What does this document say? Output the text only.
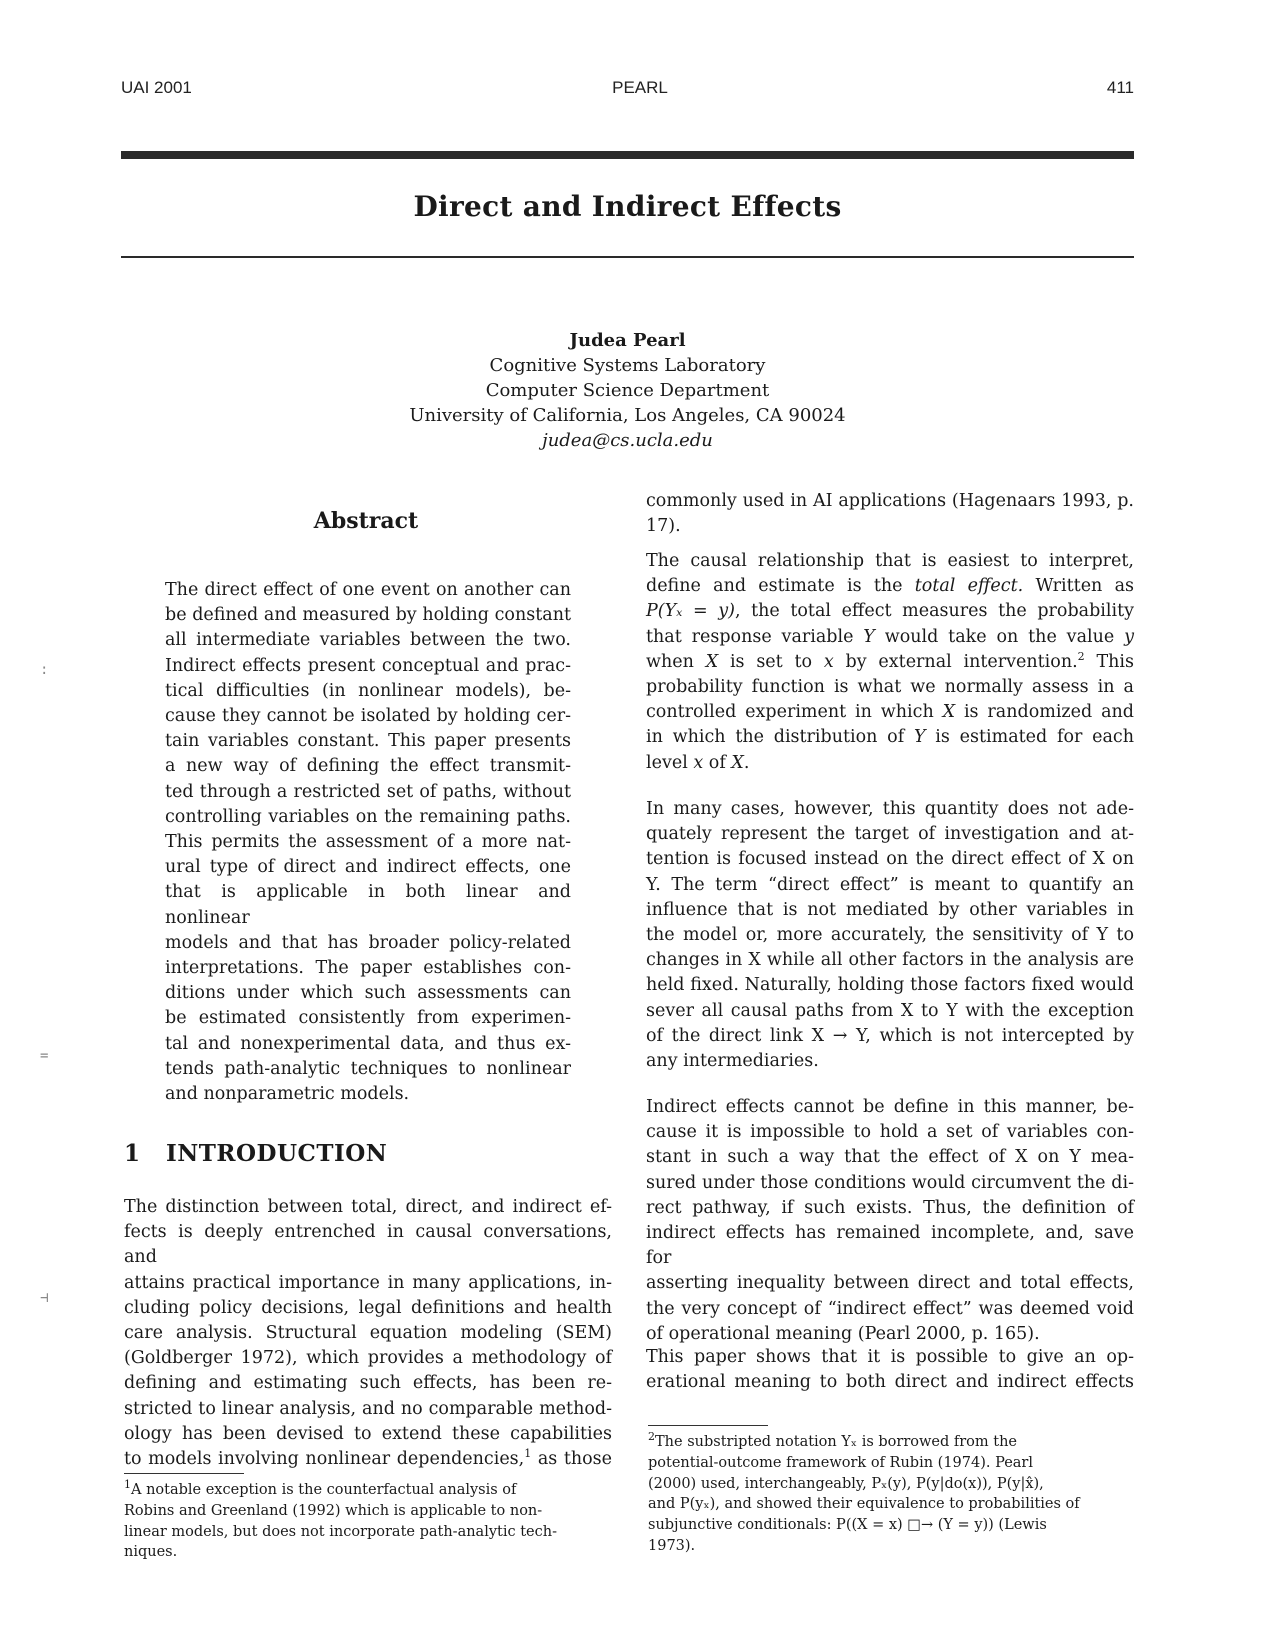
UAI 2001	PEARL	411
Direct and Indirect Effects
Judea Pearl
Cognitive Systems Laboratory
Computer Science Department
University of California, Los Angeles, CA 90024
judea@cs.ucla.edu
Abstract
The direct effect of one event on another can
be defined and measured by holding constant
all intermediate variables between the two.
Indirect effects present conceptual and prac-
tical difficulties (in nonlinear models), be-
cause they cannot be isolated by holding cer-
tain variables constant. This paper presents
a new way of defining the effect transmit-
ted through a restricted set of paths, without
controlling variables on the remaining paths.
This permits the assessment of a more nat-
ural type of direct and indirect effects, one
that is applicable in both linear and nonlinear
models and that has broader policy-related
interpretations. The paper establishes con-
ditions under which such assessments can
be estimated consistently from experimen-
tal and nonexperimental data, and thus ex-
tends path-analytic techniques to nonlinear
and nonparametric models.
1 INTRODUCTION
The distinction between total, direct, and indirect ef-
fects is deeply entrenched in causal conversations, and
attains practical importance in many applications, in-
cluding policy decisions, legal definitions and health
care analysis. Structural equation modeling (SEM)
(Goldberger 1972), which provides a methodology of
defining and estimating such effects, has been re-
stricted to linear analysis, and no comparable method-
ology has been devised to extend these capabilities
to models involving nonlinear dependencies,$^1$ as those
$^1$A notable exception is the counterfactual analysis of
Robins and Greenland (1992) which is applicable to non-
linear models, but does not incorporate path-analytic tech-
niques.
commonly used in AI applications (Hagenaars 1993, p.
17).
The causal relationship that is easiest to interpret,
define and estimate is the total effect. Written as
P(Yₓ = y), the total effect measures the probability
that response variable Y would take on the value y
when X is set to x by external intervention.$^2$ This
probability function is what we normally assess in a
controlled experiment in which X is randomized and
in which the distribution of Y is estimated for each
level x of X.
In many cases, however, this quantity does not ade-
quately represent the target of investigation and at-
tention is focused instead on the direct effect of X on
Y. The term “direct effect” is meant to quantify an
influence that is not mediated by other variables in
the model or, more accurately, the sensitivity of Y to
changes in X while all other factors in the analysis are
held fixed. Naturally, holding those factors fixed would
sever all causal paths from X to Y with the exception
of the direct link X → Y, which is not intercepted by
any intermediaries.
Indirect effects cannot be define in this manner, be-
cause it is impossible to hold a set of variables con-
stant in such a way that the effect of X on Y mea-
sured under those conditions would circumvent the di-
rect pathway, if such exists. Thus, the definition of
indirect effects has remained incomplete, and, save for
asserting inequality between direct and total effects,
the very concept of “indirect effect” was deemed void
of operational meaning (Pearl 2000, p. 165).
This paper shows that it is possible to give an op-
erational meaning to both direct and indirect effects
$^2$The substripted notation Yₓ is borrowed from the
potential-outcome framework of Rubin (1974). Pearl
(2000) used, interchangeably, Pₓ(y), P(y|do(x)), P(y|x̂),
and P(yₓ), and showed their equivalence to probabilities of
subjunctive conditionals: P((X = x) □→ (Y = y)) (Lewis
1973).
:
=
⊣
